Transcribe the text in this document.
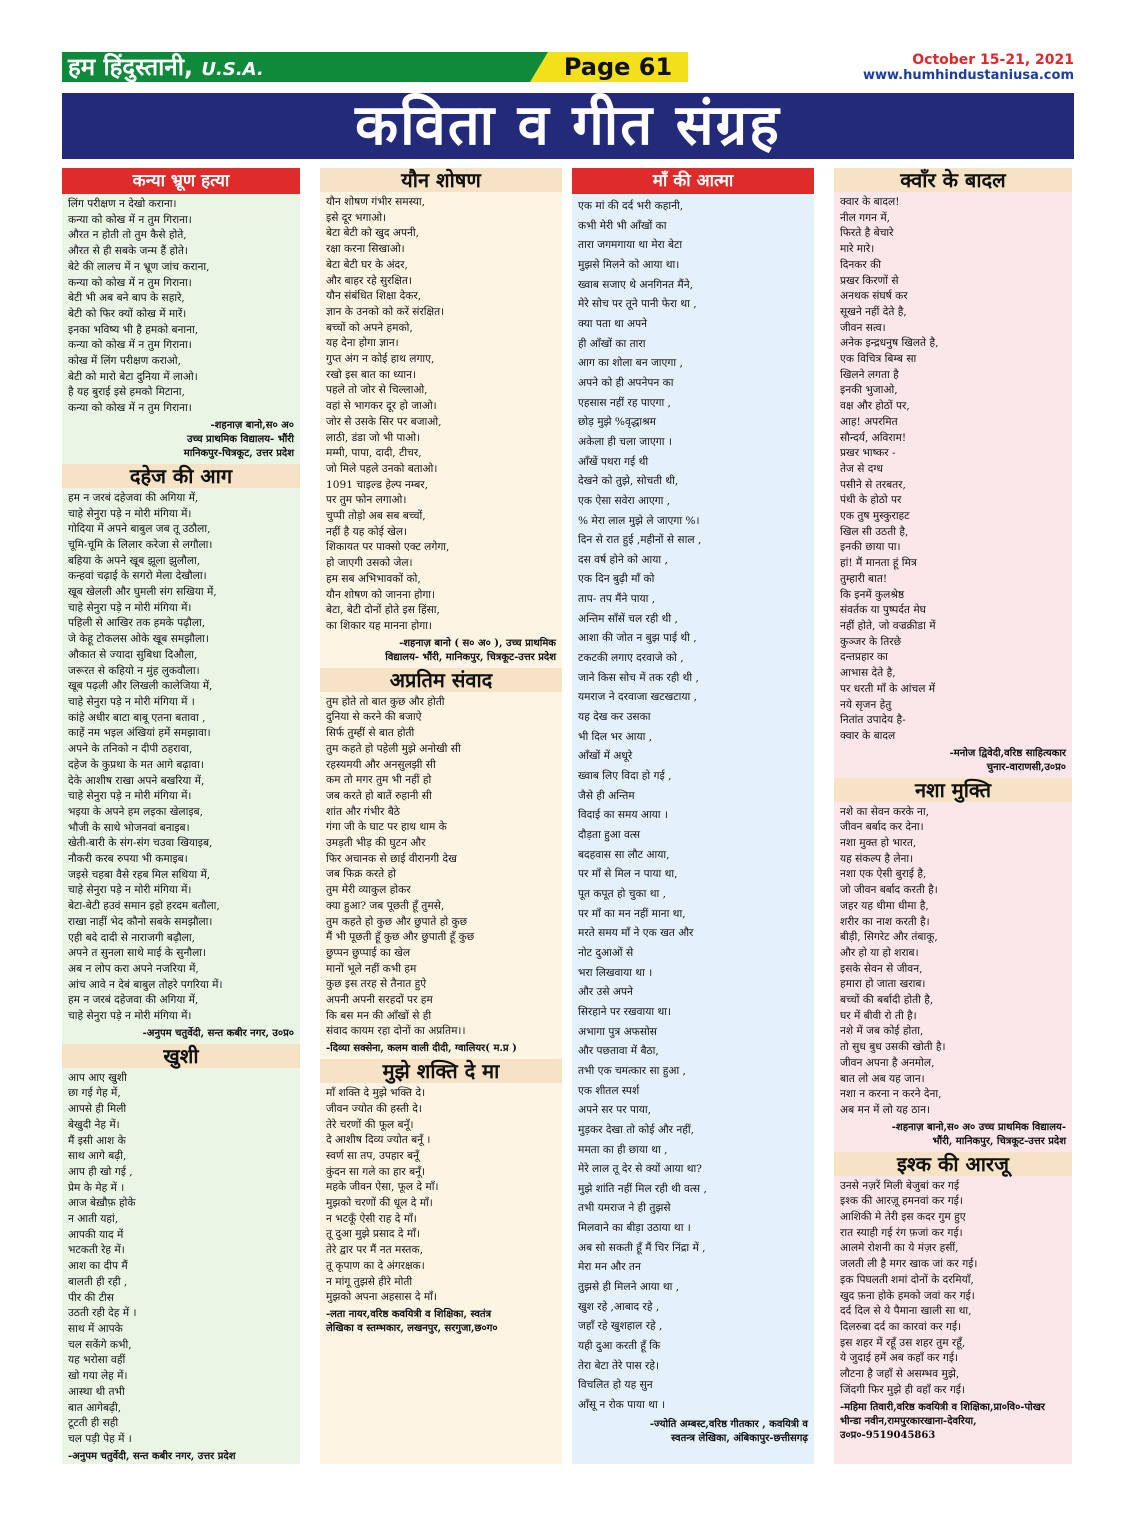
हम हिंदुस्तानी, U.S.A.	Page 61	October 15-21, 2021
www.humhindustaniusa.com
कविता व गीत संग्रह
कन्या भ्रूण हत्या
लिंग परीक्षण न देखो कराना।
कन्या को कोख में न तुम गिराना।
औरत न होती तो तुम कैसे होते,
औरत से ही सबके जन्म हैं होते।
बेटे की लालच में न भ्रूण जांच कराना,
कन्या को कोख में न तुम गिराना।
बेटी भी अब बने बाप के सहारे,
बेटी को फिर क्यों कोख में मारें।
इनका भविष्य भी है हमको बनाना,
कन्या को कोख में न तुम गिराना।
कोख में लिंग परीक्षण कराओ,
बेटी को मारो बेटा दुनिया में लाओ।
है यह बुराई इसे हमको मिटाना,
कन्या को कोख में न तुम गिराना।
-शहनाज़ बानो,स० अ०
उच्च प्राथमिक विद्यालय- भौंरी
मानिकपुर-चित्रकूट, उत्तर प्रदेश
दहेज की आग
हम न जरबं दहेजवा की अगिया में,
चाहे सेनुरा पड़े न मोरी मंगिया में।
गोदिया में अपने बाबुल जब तू उठौला,
चूमि-चूमि के लिलार करेजा से लगौला।
बहिया के अपने खूब झूला झुलौला,
कन्हवां चढ़ाई के सगरो मेला देखौला।
खूब खेलली और घुमली संग सखिया में,
चाहे सेनुरा पड़े न मोरी मंगिया में।
पहिली से आखिर तक हमके पढ़ौला,
जे केहू टोकलस ओके खूब समझौला।
औकात से ज्यादा सुबिधा दिऔला,
जरूरत से कहियो न मुंह लुकवौला।
खूब पढ़ली और लिखली कालेजिया में,
चाहे सेनुरा पड़े न मोरी मंगिया में ।
कांहे अधीर बाटा बाबू एतना बतावा ,
काहें नम भइल अंखियां हमें समझावा।
अपने के तनिको न दीपी ठहरावा,
दहेज के कुप्रथा के मत आगे बढ़ावा।
देके आशीष राखा अपने बखरिया में,
चाहे सेनुरा पड़े न मोरी मंगिया में।
भइया के अपने हम लइका खेलाइब,
भौजी के साथे भोजनवां बनाइब।
खेती-बारी के संग-संग चउवा खियाइब,
नौकरी करब रुपया भी कमाइब।
जइसे चहबा वैसे रहब मिल सथिया में,
चाहे सेनुरा पड़े न मोरी मंगिया में।
बेटा-बेटी हउवं समान इहो हरदम बतौला,
राखा नाहीं भेद कौनो सबके समझौला।
एही बदे दादी से नाराजगी बढ़ौला,
अपने त सुनला साथे माई के सुनौला।
अब न लोप करा अपने नजरिया में,
आंच आवे न देबं बाबुल तोहरे पगरिया में।
हम न जरबं दहेजवा की अगिया में,
चाहे सेनुरा पड़े न मोरी मंगिया में।
-अनुपम चतुर्वेदी, सन्त कबीर नगर, उ०प्र०
खुशी
आप आए खुशी
छा गई गेह में,
आपसे ही मिली
बेखुदी नेह में।
मैं इसी आश के
साथ आगे बढ़ी,
आप ही खो गई ,
प्रेम के मेह में ।
आज बेख़ौफ़ होके
न आती यहां,
आपकी याद में
भटकती रेह में।
आश का दीप मैं
बालती ही रही ,
पीर की टीस
उठती रही देह में ।
साथ में आपके
चल सकेंगे कभी,
यह भरोसा वहीं
खो गया लेह में।
आस्था थी तभी
बात आगेबढ़ी,
टूटती ही सही
चल पड़ी पेह में ।
-अनुपम चतुर्वेदी, सन्त कबीर नगर, उत्तर प्रदेश
यौन शोषण
यौन शोषण गंभीर समस्या,
इसे दूर भगाओ।
बेटा बेटी को खुद अपनी,
रक्षा करना सिखाओ।
बेटा बेटी घर के अंदर,
और बाहर रहे सुरक्षित।
यौन संबंधित शिक्षा देकर,
ज्ञान के उनको को करें संरक्षित।
बच्चों को अपने हमको,
यह देना होगा ज्ञान।
गुप्त अंग न कोई हाथ लगाए,
रखो इस बात का ध्यान।
पहले तो जोर से चिल्लाओ,
वहां से भागकर दूर हो जाओ।
जोर से उसके सिर पर बजाओ,
लाठी, डंडा जो भी पाओ।
मम्मी, पापा, दादी, टीचर,
जो मिले पहले उनको बताओ।
1091 चाइल्ड हेल्प नम्बर,
पर तुम फोन लगाओ।
चुप्पी तोड़ो अब सब बच्चों,
नहीं है यह कोई खेल।
शिकायत पर पाक्सो एक्ट लगेगा,
हो जाएगी उसको जेल।
हम सब अभिभावकों को,
यौन शोषण को जानना होगा।
बेटा, बेटी दोनों होते इस हिंसा,
का शिकार यह मानना होगा।
-शहनाज़ बानो ( स० अ० ), उच्च प्राथमिक
विद्यालय- भौंरी, मानिकपुर, चित्रकूट-उत्तर प्रदेश
अप्रतिम संवाद
तुम होते तो बात कुछ और होती
दुनिया से करने की बजाऐ
सिर्फ तुम्हीं से बात होती
तुम कहते हो पहेली मुझे अनोखी सी
रहस्यमयी और अनसुलझी सी
कम तो मगर तुम भी नहीं हो
जब करते हो बातें रुहानी सी
शांत और गंभीर बैठे
गंगा जी के घाट पर हाथ थाम के
उमड़ती भीड़ की घुटन और
फिर अचानक से छाई वीरानगी देख
जब फिक्र करते हो
तुम मेरी व्याकुल होकर
क्या हुआ? जब पूछती हूँ तुमसे,
तुम कहते हो कुछ और छुपाते हो कुछ
मैं भी पूछती हूँ कुछ और छुपाती हूँ कुछ
छुप्पन छुप्पाई का खेल
मानों भूले नहीं कभी हम
कुछ इस तरह से तैनात हुऐ
अपनी अपनी सरहदों पर हम
कि बस मन की आँखों से ही
संवाद कायम रहा दोनों का अप्रतिम।।
-दिव्या सक्सेना, कलम वाली दीदी, ग्वालियर( म.प्र )
मुझे शक्ति दे मा
माँ शक्ति दे मुझे भक्ति दे।
जीवन ज्योत की हस्ती दे।
तेरे चरणों की फूल बनूँ।
दे आशीष दिव्य ज्योत बनूँ ।
स्वर्ण सा तप, उपहार बनूँ
कुंदन सा गले का हार बनूँ।
महके जीवन ऐसा, फूल दे माँ।
मुझको चरणों की धूल दे माँ।
न भटकूँ ऐसी राह दे माँ।
तू दुआ मुझे प्रसाद दे माँ।
तेरे द्वार पर मैं नत मस्तक,
तू कृपाण का दे अंगरक्षक।
न मांगू तुझसे हीरे मोती
मुझको अपना अहसास दे माँ।
-लता नायर,वरिष्ठ कवयित्री व शिक्षिका, स्वतंत्र
लेखिका व स्तम्भकार, लखनपुर, सरगुजा,छ०ग०
माँ की आत्मा
एक मां की दर्द भरी कहानी,
कभी मेरी भी आँखों का
तारा जगमगाया था मेरा बेटा
मुझसे मिलने को आया था।
ख्वाब सजाए थे अनगिनत मैंने,
मेरे सोच पर तूने पानी फेरा था ,
क्या पता था अपने
ही आँखों का तारा
आग का शोला बन जाएगा ,
अपने को ही अपनेपन का
एहसास नहीं रह पाएगा ,
छोड़ मुझे %वृद्धाश्रम
अकेला ही चला जाएगा ।
आँखें पथरा गई थी
देखने को तुझे, सोचती थी,
एक ऐसा सवेरा आएगा ,
% मेरा लाल मुझे ले जाएगा %।
दिन से रात हुई ,महीनों से साल ,
दस वर्ष होने को आया ,
एक दिन बुढ़ी माँ को
ताप- तप मैंने पाया ,
अन्तिम साँसें चल रही थी ,
आशा की जोत न बुझ पाई थी ,
टकटकी लगाए दरवाजे को ,
जाने किस सोच में तक रही थी ,
यमराज ने दरवाजा खटखटाया ,
यह देख कर उसका
भी दिल भर आया ,
आँखों में अधूरे
ख्वाब लिए विदा हो गई ,
जैसे ही अन्तिम
विदाई का समय आया ।
दौड़ता हुआ वत्स
बदहवास सा लौट आया,
पर माँ से मिल न पाया था,
पूत कपूत हो चुका था ,
पर माँ का मन नहीं माना था,
मरते समय माँ ने एक खत और
नोट दुआओं से
भरा लिखवाया था ।
और उसे अपने
सिरहाने पर रखवाया था।
अभागा पुत्र अफसोस
और पछतावा में बैठा,
तभी एक चमत्कार सा हुआ ,
एक शीतल स्पर्श
अपने सर पर पाया,
मुड़कर देखा तो कोई और नहीं,
ममता का ही छाया था ,
मेरे लाल तू देर से क्यों आया था?
मुझे शांति नहीं मिल रही थी वत्स ,
तभी यमराज ने ही तुझसे
मिलवाने का बीड़ा उठाया था ।
अब सो सकती हूँ मैं चिर निंद्रा में ,
मेरा मन और तन
तुझसे ही मिलने आया था ,
खुश रहे ,आबाद रहे ,
जहाँ रहे खुशहाल रहे ,
यही दुआ करती हूँ कि
तेरा बेटा तेरे पास रहे।
विचलित हो यह सुन
आँसू न रोक पाया था ।
-ज्योति अम्बस्ट,वरिष्ठ गीतकार , कवयित्री व
स्वतन्त्र लेखिका, अंबिकापुर-छत्तीसगढ़
क्वाँर के बादल
क्वार के बादल!
नील गगन में,
फिरते है बेचारे
मारे मारे।
दिनकर की
प्रखर किरणों से
अनथक संघर्ष कर
सूखने नहीं देते है,
जीवन सत्व।
अनेक इन्द्रधनुष खिलते है,
एक विचित्र बिम्ब सा
खिलने लगता है
इनकी भुजाओ,
वक्ष और होठों पर,
आह! अपरमित
सौन्दर्य, अविराम!
प्रखर भाष्कर -
तेज से दग्ध
पसीने से तरबतर,
पंथी के होठो पर
एक तुष मुस्कुराहट
खिल सी उठती है,
इनकी छाया पा।
हां! मैं मानता हूं मित्र
तुम्हारी बात!
कि इनमें कुलश्रेष्ठ
संवर्तक या पुष्पर्दत मेघ
नहीं होते, जो वज्रक्रीडा में
कुञ्जर के तिरछे
दन्तप्रहार का
आभास देते है,
पर धरती माँ के आंचल में
नये सृजन हेतु
नितांत उपादेय है-
क्वार के बादल
-मनोज द्विवेदी,वरिष्ठ साहित्यकार
चुनार-वाराणसी,उ०प्र०
नशा मुक्ति
नशे का सेवन करके ना,
जीवन बर्बाद कर देना।
नशा मुक्त हो भारत,
यह संकल्प है लेना।
नशा एक ऐसी बुराई है,
जो जीवन बर्बाद करती है।
जहर यह धीमा धीमा है,
शरीर का नाश करती है।
बीड़ी, सिगरेट और तंबाकू,
और हो या हो शराब।
इसके सेवन से जीवन,
हमारा हो जाता खराब।
बच्चों की बर्बादी होती है,
घर में बीवी रो ती है।
नशे में जब कोई होता,
तो सुध बुध उसकी खोती है।
जीवन अपना है अनमोल,
बात लो अब यह जान।
नशा न करना न करने देना,
अब मन में लो यह ठान।
-शहनाज़ बानो,स० अ० उच्च प्राथमिक विद्यालय-
भौंरी, मानिकपुर, चित्रकूट-उत्तर प्रदेश
इश्क की आरजू
उनसे नज़रें मिली बेजुबां कर गई
इश्क की आरज़ू हमनवां कर गई।
आशिकी मे तेरी इस कदर गुम हुए
रात स्याही गई रंग फ़जां कर गई।
आलमे रोशनी का ये मंज़र हसीं,
जलती ली है मगर खाक जां कर गई।
इक पिघलती शमां दोनों के दरमियाँ,
खुद फ़ना होके हमको जवां कर गई।
दर्द दिल से ये पैमाना खाली सा था,
दिलरुबा दर्द का कारवां कर गई।
इस शहर में रहूँ उस शहर तुम रहूँ,
ये जुदाई हमें अब कहाँ कर गई।
लौटना है जहाँ से असम्भव मुझे,
जिंदगी फिर मुझे ही वहाँ कर गई।
-महिमा तिवारी,वरिष्ठ कवयित्री व शिक्षिका,प्रा०वि०-पोखर
भीन्डा नवीन,रामपुरकारखाना-देवरिया, उ०प्र०-9519045863
